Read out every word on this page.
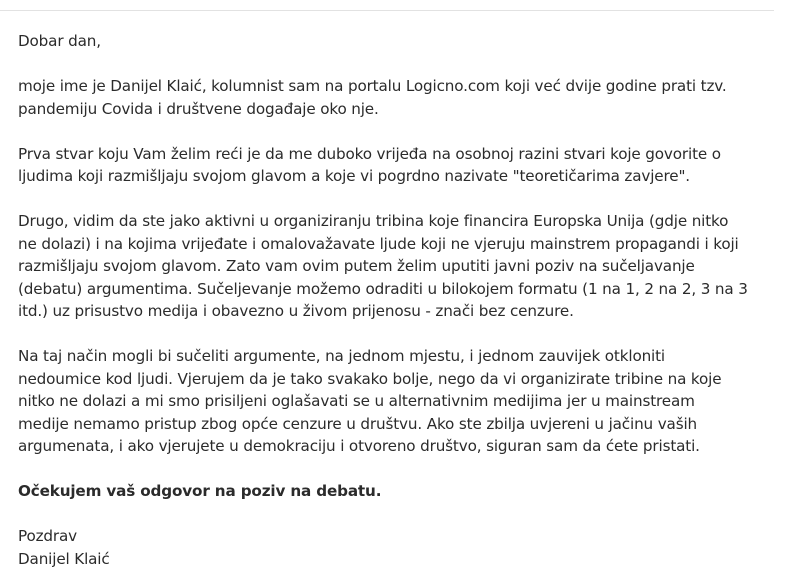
Dobar dan,

moje ime je Danijel Klaić, kolumnist sam na portalu Logicno.com koji već dvije godine prati tzv.
pandemiju Covida i društvene događaje oko nje.

Prva stvar koju Vam želim reći je da me duboko vrijeđa na osobnoj razini stvari koje govorite o
ljudima koji razmišljaju svojom glavom a koje vi pogrdno nazivate "teoretičarima zavjere".

Drugo, vidim da ste jako aktivni u organiziranju tribina koje financira Europska Unija (gdje nitko
ne dolazi) i na kojima vrijeđate i omalovažavate ljude koji ne vjeruju mainstrem propagandi i koji
razmišljaju svojom glavom. Zato vam ovim putem želim uputiti javni poziv na sučeljavanje
(debatu) argumentima. Sučeljevanje možemo odraditi u bilokojem formatu (1 na 1, 2 na 2, 3 na 3
itd.) uz prisustvo medija i obavezno u živom prijenosu - znači bez cenzure.

Na taj način mogli bi sučeliti argumente, na jednom mjestu, i jednom zauvijek otkloniti
nedoumice kod ljudi. Vjerujem da je tako svakako bolje, nego da vi organizirate tribine na koje
nitko ne dolazi a mi smo prisiljeni oglašavati se u alternativnim medijima jer u mainstream
medije nemamo pristup zbog opće cenzure u društvu. Ako ste zbilja uvjereni u jačinu vaših
argumenata, i ako vjerujete u demokraciju i otvoreno društvo, siguran sam da ćete pristati.

Očekujem vaš odgovor na poziv na debatu.

Pozdrav
Danijel Klaić
